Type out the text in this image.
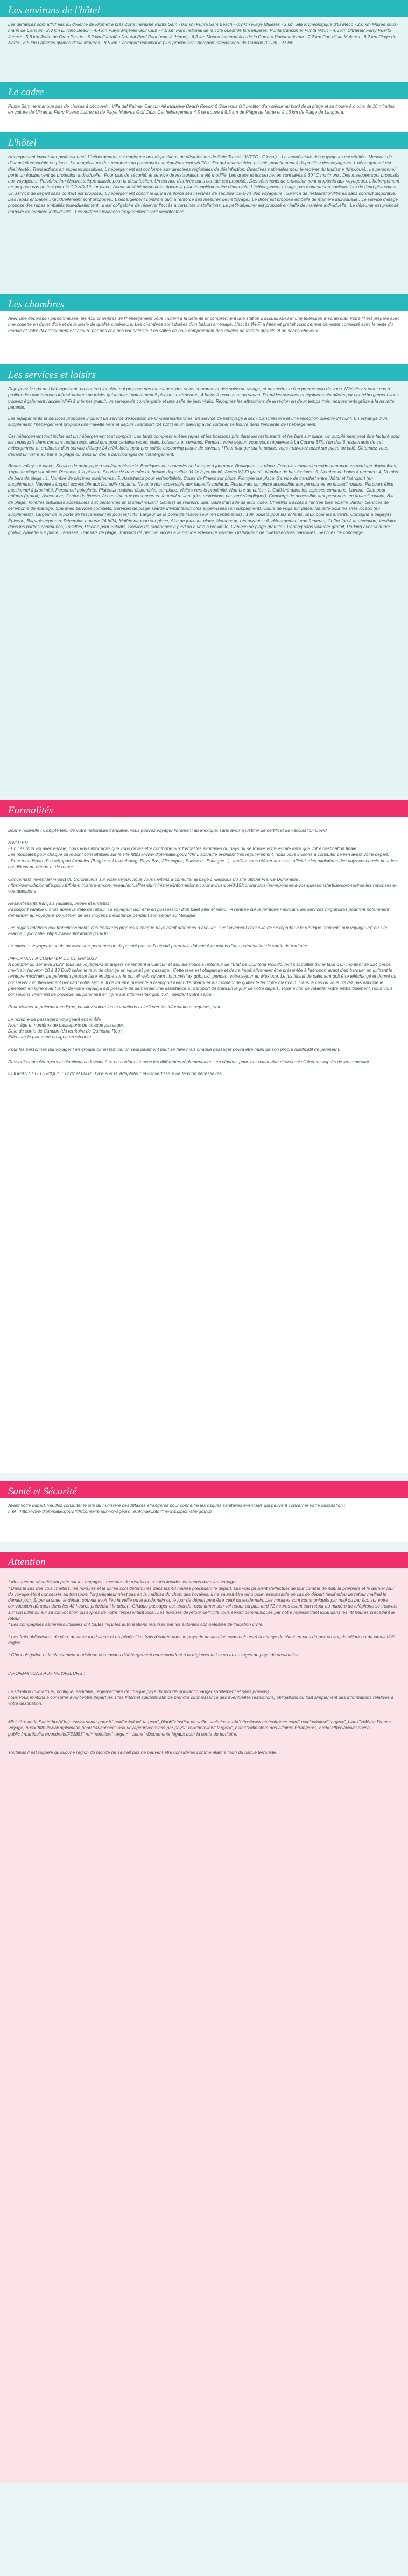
Les environs de l'hôtel

Les distances sont affichées au dixième de kilomètre près Zone maritime Punta Sam - 0,8 km Punta Sam Beach - 0,9 km Plage Mujeres - 2 km Site archéologique d'El Meco - 2,6 km Musée sous-marin de Cancún - 2,9 km El Niño Beach - 4,4 km Playa Mujeres Golf Club - 4,5 km Parc national de la côte ouest de Isla Mujeres, Punta Cancún et Punta Nizuc - 4,5 km Ultramar Ferry Puerto Juárez - 5,8 km Jetée de Gran Puerto - 6,2 km Garrafón Natural Reef Park (parc à thème) - 6,3 km Museo Iconográfico de la Carrera Panamericana - 7,2 km Port d'Isla Mujeres - 8,2 km Plage de Norte - 8,5 km Lotteries glambs d'Isla Mujeres - 8,5 km L'aéroport principal le plus proche est : Aéroport international de Cancún (CUN) - 27 km

Le cadre

Punta Sam ne manque pas de choses à découvrir ; Villa del Palmar Cancun All Inclusive Beach Resort & Spa vous fait profiter d'un séjour au bord de la plage et se trouve à moins de 10 minutes en voiture de Ultramar Ferry Puerto Juárez et de Playa Mujeres Golf Club. Cet hébergement 4,5 se trouve à 8,5 km de Plage de Norte et à 16 km de Plage de Langosta.

L'hôtel

Hébergement immobilier professionnel. L'hébergement est conforme aux dispositions de désinfection de Safe Travels (WTTC - Global)... La température des voyageurs est vérifiée. Mesures de distanciation sociale en place.. Le température des membres du personnel est régulièrement vérifiée.. Du gel antibactérien est mis gratuitement à disposition des voyageurs. L'hébergement est désinfecté.. Transactions en espèces possibles. L'hébergement est conforme aux directives régionales de désinfection. Directives nationales pour le repérer du tourisme (Mexique).. Le personnel porte un équipement de protection individuelle.. Pour plus de sécurité, le service de restauration a été modifié. Les draps et les serviettes sont lavés à 60 °C minimum.. Des masques sont proposés aux voyageurs. Pulvérisation électrostatique utilisée pour la désinfection. Un service d'arrivée sans contact est proposé.. Des vêtements de protection sont proposés aux voyageurs. L'hébergement ne propose pas de test pour le COVID-19 sur place. Aucun lit bébé disponible. Aucun lit pliant/supplémentaire disponible. L'hébergement n'exige pas d'attestation sanitaire lors de l'enregistrement. Un service de départ sans contact est proposé.. L'hébergement confirme qu'il a renforcé ses mesures de sécurité vis-à-vis des voyageurs.. Service de restauration/litières sans contact disponible. Des repas emballés individuellement sont proposés.. L'hébergement confirme qu'il a renforcé ses mesures de nettoyage.. Le dîner est proposé emballé de manière individuelle.. Le service d'étage propose des repas emballés individuellement.. Il est obligatoire de réserver l'accès à certaines installations. Le petit-déjeuner est proposé emballé de manière individuelle.. Le déjeuner est proposé emballé de manière individuelle.. Les surfaces touchées fréquemment sont désinfectées.

Les chambres

Avec une décoration personnalisée, les 415 chambres de l'hébergement vous invitent à la détente et comprennent une station d'accueil MP3 et une télévision à écran plat. Votre lit est préparé avec une couette en duvet d'oie et de la literie de qualité supérieure. Les chambres sont dotées d'un balcon aménagé. L'accès Wi-Fi à Internet gratuit vous permet de rester connecté avec le reste du monde et votre divertissement est assuré par des chaînes par satellite. Les salles de bain comprennent des articles de toilette gratuits et un sèche-cheveux.

Les services et loisirs

Rejoignez le spa de l'hébergement, un centre bien-être qui propose des massages, des soins corporels et des soins du visage, et permettez-qu'on prenne soin de vous. N'hésitez surtout pas à profiter des nombreuses infrastructures de loisirs qui incluent notamment 5 piscines extérieures, 4 bains à remous et un sauna. Parmi les services et équipements offerts par cet hébergement vous trouvez également l'accès Wi-Fi à Internet gratuit, un service de conciergerie et une salle de jeux vidéo. Rejoignez les attractions de la région en deux temps trois mouvements grâce à la navette payante.

Les équipements et services proposés incluent un service de location de limousines/berlines, un service de nettoyage à sec / blanchissoire et une réception ouverte 24 h/24. En échange d'un supplément, l'hébergement propose une navette vers et depuis l'aéroport (24 h/24) et un parking avec voiturier se trouve dans l'enceinte de l'hébergement.

Cet hébergement tout inclus est un hébergement tout compris. Les tarifs comprennent les repas et les boissons pris dans les restaurants et les bars sur place. Un supplément peut être facturé pour les repas pris dans certains restaurants, ainsi que pour certains repas, plats, boissons et services. Pendant votre séjour, vous vous régalerez à La Cocina 37K, l'un des 6 restaurants de cet hébergement et profiterez d'un service d'étage 24 h/24. Idéal pour une soirée cocooning pleine de saveurs ! Pour manger sur le pouce, vous trouverez aussi sur place un café. Détendez-vous devant un verre au bar à la plage ou dans un des 5 bars/lounges de l'hébergement.

Beach-volley sur place, Service de nettoyage à sec/blanchisserie, Boutiques de souvenirs ou kiosque à journaux, Boutiques sur place, Formules romantiques/de demande en mariage disponibles, Yoga de plage sur place, Parasols à la piscine, Service de traversée en berline disponible, Voile à proximité, Accès Wi-Fi gratuit, Nombre de bars/salons : 5, Nombre de bains à remous : 4, Nombre de bars de plage : 1, Nombre de piscines extérieures : 5, Assistance pour visites/billets, Cours de fitness sur place, Plongée sur place, Service de transfert entre l'hôtel et l'aéroport (en supplément), Navette aéroport accessible aux fauteuils roulants, Navette non accessible aux fauteuils roulants, Restaurant sur place accessible aux personnes en fauteuil roulant, Parcours élise passionnel à proximité, Personnel polyglotte, Plateaux roulants disponibles sur place, Visites vers la proximité, Nombre de cafés : 1, Café/thé dans les espaces communs, Laverie, Club pour enfants (gratuit), Ascenseur, Centre de fitness, Accessible aux personnes en fauteuil roulant (des restrictions peuvent s'appliquer), Conciergerie accessible aux personnes en fauteuil roulant, Bar de plage, Toilettes publiques accessibles aux personnes en fauteuil roulant, Salle(s) de réunion, Spa, Salle d'arcade de jeux vidéo, Chemins d'accès à l'entrée bien éclairé, Jardin, Services de cérémonie de mariage, Spa avec services complets, Services de plage, Garde d'enfants/activités supervisées (en supplément), Cours de yoga sur place, Navette pour les sites locaux (en supplément), Largeur de la porte de l'ascenseur (en pouces) : 43, Largeur de la porte de l'ascenseur (en centimètres) : 109, Jouets pour les enfants, Jeux pour les enfants, Consigne à bagages, Épicerie, Bagagiste/groom, Réception ouverte 24 h/24, Malfrie nagoue sur place, Aire de jeux sur place, Nombre de restaurants : 6, Hébergement non-fumeurs, Coffre-fort à la réception, Vestiaire dans les parties communes, Toilettes, Piscine pour enfants, Service de randonnée à pied ou à vélo à proximité, Cabines de plage gratuites, Parking sans voiturier gratuit, Parking avec voiturier gratuit, Navette sur place, Terrasse, Transats de plage, Transats de piscine, Accès à la piscine extérieure voisine, Distributeur de billets/services bancaires, Services de concierge

Formalités

Bonne nouvelle : Compte tenu de votre nationalité française, vous pouvez voyager librement au Mexique, sans avoir à justifier de certificat de vaccination Covid.

A NOTER :
- En cas d'un vol avec escale, nous vous informons que vous devez être conforme aux formalités sanitaires du pays où se trouve votre escale ainsi que votre destination finale.
Les modalités pour chaque pays sont consultables sur le site https://www.diplomatie.gouv.fr/fr/ L'actualité évoluant très régulièrement, nous vous invitons à consulter ce lien avant votre départ.
- Pour tout départ d'un aéroport frontalier (Belgique, Luxembourg, Pays-Bas, Allemagne, Suisse ou Espagne...), veuillez vous référer aux sites officiels des ministères des pays concernés pour les conditions de départ et de retour.

Concernant l'éventuel impact du Coronavirus sur votre séjour, nous vous invitons à consulter la page ci-dessous du site officiel France Diplomatie :
https://www.diplomatie.gouv.fr/fr/le-ministere-et-son-reseau/actualites-du-ministere/informations-coronavirus-covid-19/coronavirus-les-reponses-a-vos-questions/article/coronavirus-les-reponses-a-vos-questions

Ressortissants français (adultes, bébés et enfants) :
Passeport valable 6 mois après la date de retour. Le voyageur doit être en possession d'un billet aller et retour. A l'entrée sur le territoire mexicain, les services migratoires pourront notamment demander au voyageur de justifier de ses moyens d'existence pendant son séjour au Mexique.

Les règles relatives aux franchissements des frontières propres à chaque pays étant amenées à évoluer, il est vivement conseillé de se reporter à la rubrique "conseils aux voyageurs" du site France Diplomatie, https://www.diplomatie.gouv.fr/

Le mineurs voyageant seuls ou avec une personne ne disposant pas de l'autorité parentale doivent être munis d'une autorisation de sortie de territoire.

IMPORTANT A COMPTER DU 01 avril 2023
A compter du 1er avril 2023, tous les voyageurs étrangers se rendant à Cancun et aux alentours à l'intérieur de l'État de Quintana Roo doivent s'acquitter d'une taxe d'un montant de 224 pesos mexicain (environ 10 à 13 EUR selon le taux de change en vigueur) par passager. Cette taxe est obligatoire et devra impérativement être présentée à l'aéroport avant d'embarquer en quittant le territoire mexicain. Le paiement peut se faire en ligne sur le portail web suivant : http://visitax.gob.mx/, pendant votre séjour au Mexique. Le justificatif de paiement doit être téléchargé et donné ou conserver minutieusement pendant votre séjour. Il devra être présenté à l'aéroport avant d'embarquer au moment de quitter le territoire mexicain. Dans le cas où vous n'avez pas anticipé le paiement en ligne avant la fin de votre séjour, il est possible de demander une assistance à l'aéroport de Cancun le jour de votre départ : Pour éviter de retarder votre embarquement, nous vous conseillons vivement de procéder au paiement en ligne sur http://visitax.gob.mx/ , pendant votre séjour.

Pour réaliser le paiement en ligne, veuillez suivre les instructions et indiquer les informations requises, soit :

Le nombre de passagers voyageant ensemble
Nom, âge et numéros de passeports de chaque passager,
Date de sortie de Cancun (du territoire de Quintana Roo),
Effectuer le paiement en ligne en sécurité

Pour les personnes qui voyagent en groupe ou en famille, un seul paiement peut se faire mais chaque passager devra être muni de son propre justificatif de paiement.

Ressortissants étrangers et binationaux devront être en conformité avec les différentes réglementations en vigueur, pour leur nationalité et devront s'informer auprès de leur consulat.

COURANT ELECTRIQUE : 127V et 60Hz. Type A et B. Adaptateur et convertisseur de tension nécessaires.

Santé et Sécurité

Avant votre départ, veuillez consulter le site du ministère des Affaires étrangères pour connaître les risques sanitaires éventuels qui peuvent concerner votre destination : href="http://www.diplomatie.gouv.fr/fr/conseils-aux-voyageurs_909/index.html">www.diplomatie.gouv.fr

Attention

* Mesures de sécurité adoptée sur les bagages : mesures de restriction sur les liquides contenus dans les bagages.
* Dans le cas des vols charters, les horaires et la durée sont déterminés dans les 48 heures précédant le départ. Les vols peuvent s'effectuer de jour comme de nuit, la première et le dernier jour du voyage étant consacrés au transport, l'organisateur n'est pas en la maîtrise du choix des horaires. Il ne saurait être tenu pour responsable en cas de départ tardif et/ou de retour matinal le dernier jour. Si par la suite, le départ pouvait avoir lieu la veille ou le lendemain ou le jour de départ peut être celui du lendemain. Les horaires sont communiqués par mail ou par fax, sur votre convocation aéroport dans les 48 heures précédant le départ. Chaque passager est tenu de reconfirmer son vol retour au plus tard 72 heures avant son retour au numéro de téléphone se trouvant sur son billet ou sur sa convocation ou auprès de notre représentant local. Les horaires de retour définitifs vous seront communiqués par notre représentant local dans les 48 heures précédant le retour.
* Les compagnies aériennes utilisées ont toutes reçu les autorisations requises par les autorités compétentes de l'aviation civile.

* Les frais obligatoires de visa, de carte touristique et en général les frais d'entrée dans le pays de destination sont toujours à la charge du client en plus du prix du vol, du séjour ou du circuit déjà réglés.

* Chronologation et le classement touristique des modes d'hébergement correspondent à la réglementation ou aux usages du pays de destination.

INFORMATIONS AUX VOYAGEURS :

La situation (climatique, politique, sanitaire, réglementaire de chaque pays du monde pouvant changer subitement et sans préavis)
nous vous invitons à consulter avant votre départ les sites Internet suivants afin de prendre connaissance des éventuelles restrictions, obligations ou tout simplement des informations relatives à votre destination.

Ministère de la Santé href="http://www.sante.gouv.fr" rel="nofollow" target="_blank">Institut de veille sanitaire, href="http://www.meteofrance.com/" rel="nofollow" target="_blank">Météo France Voyage, href="http://www.diplomatie.gouv.fr/fr/conseils-aux-voyageurs/conseils-par-pays/" rel="nofollow" target="_blank">Ministère des Affaires Étrangères, href="https://www.service-public.fr/particuliers/vosdroits/F32853" rel="nofollow" target="_blank">Documents légaux pour la sortie du territoire.

Toutefois il est rappelé qu'aucune région du monde ne saurait pas ne peuvent être considérés comme étant à l'abri du risque terroriste.
